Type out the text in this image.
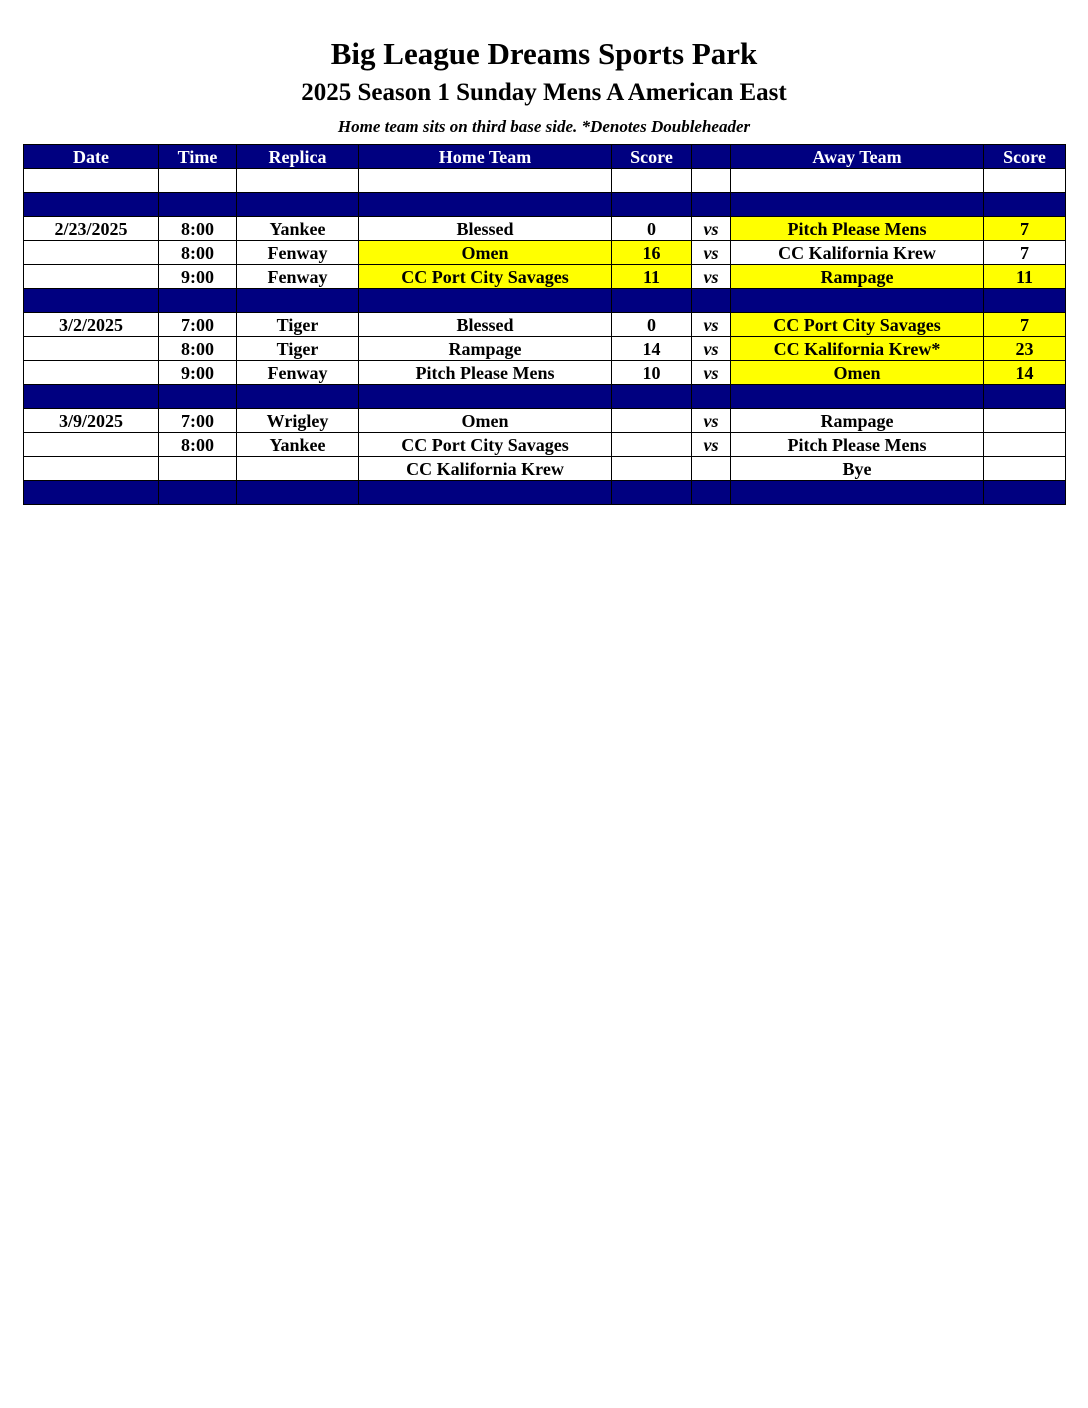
Big League Dreams Sports Park
2025 Season 1 Sunday Mens A American East
Home team sits on third base side. *Denotes Doubleheader
Date	Time	Replica	Home Team	Score		Away Team	Score

2/23/2025	8:00	Yankee	Blessed	0	vs	Pitch Please Mens	7
	8:00	Fenway	Omen	16	vs	CC Kalifornia Krew	7
	9:00	Fenway	CC Port City Savages	11	vs	Rampage	11

3/2/2025	7:00	Tiger	Blessed	0	vs	CC Port City Savages	7
	8:00	Tiger	Rampage	14	vs	CC Kalifornia Krew*	23
	9:00	Fenway	Pitch Please Mens	10	vs	Omen	14

3/9/2025	7:00	Wrigley	Omen		vs	Rampage	
	8:00	Yankee	CC Port City Savages		vs	Pitch Please Mens	
			CC Kalifornia Krew			Bye	
